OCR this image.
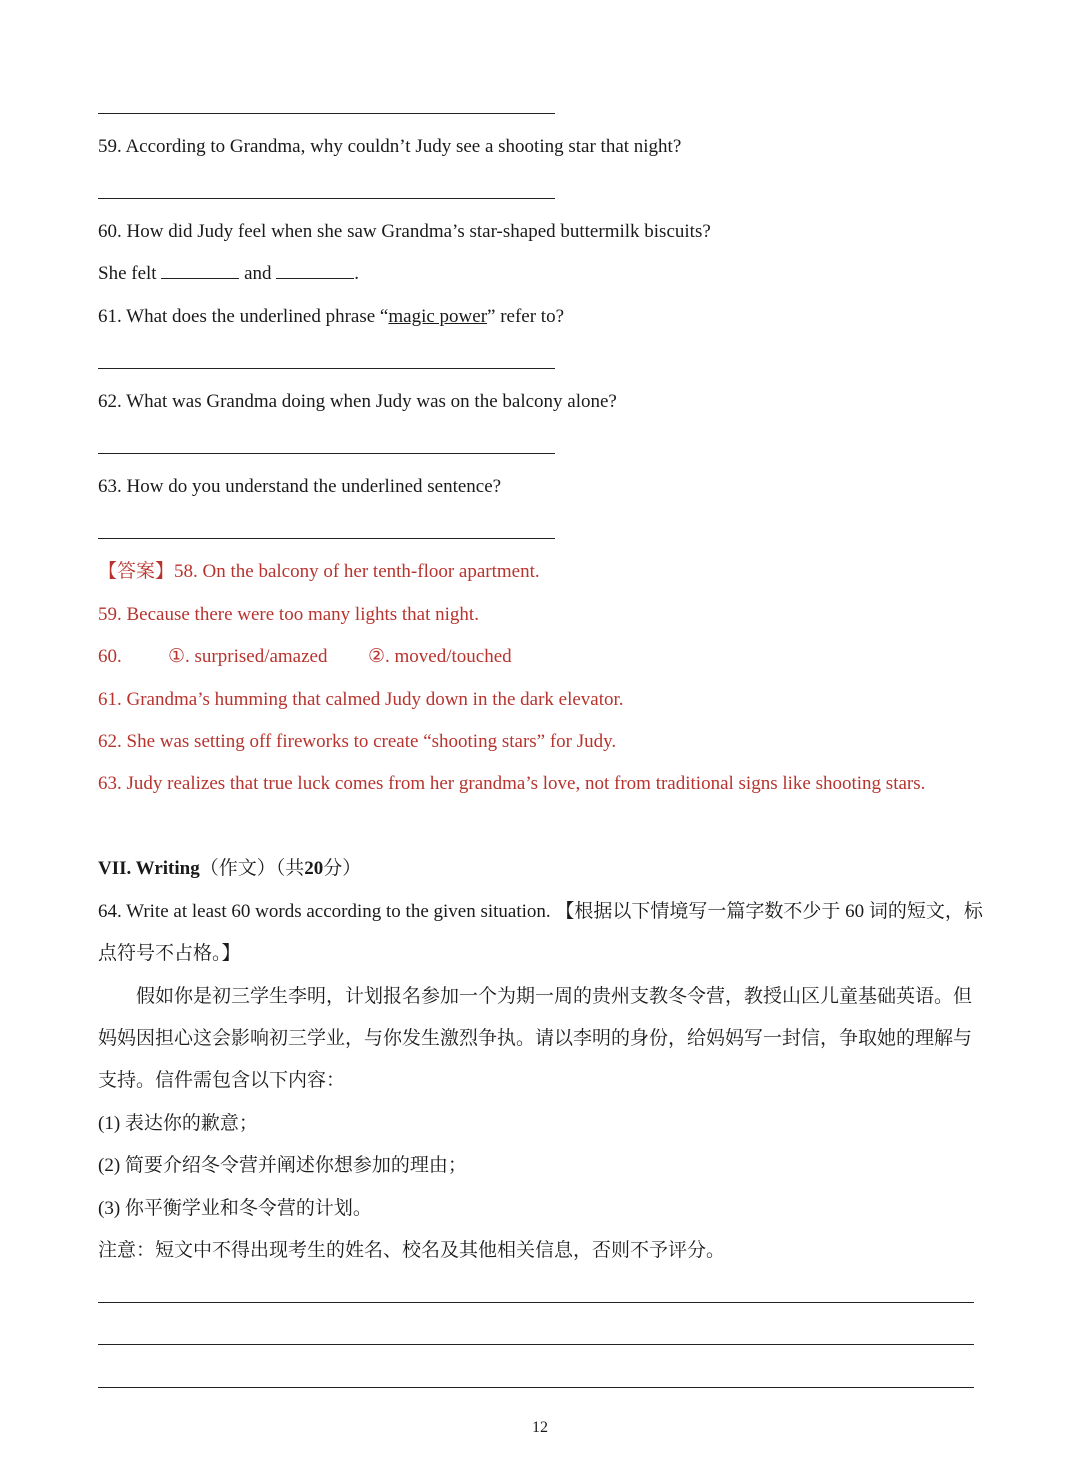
59. According to Grandma, why couldn’t Judy see a shooting star that night?
60. How did Judy feel when she saw Grandma’s star-shaped buttermilk biscuits?
She felt	and	.
61. What does the underlined phrase “magic power” refer to?
62. What was Grandma doing when Judy was on the balcony alone?
63. How do you understand the underlined sentence?
【答案】58. On the balcony of her tenth-floor apartment.
59. Because there were too many lights that night.
60. ①. surprised/amazed ②. moved/touched
61. Grandma’s humming that calmed Judy down in the dark elevator.
62. She was setting off fireworks to create “shooting stars” for Judy.
63. Judy realizes that true luck comes from her grandma’s love, not from traditional signs like shooting stars.
VII. Writing（作文）（共20分）
64. Write at least 60 words according to the given situation. 【根据以下情境写一篇字数不少于 60 词的短文，标
点符号不占格。】
假如你是初三学生李明，计划报名参加一个为期一周的贵州支教冬令营，教授山区儿童基础英语。但
妈妈因担心这会影响初三学业，与你发生激烈争执。请以李明的身份，给妈妈写一封信，争取她的理解与
支持。信件需包含以下内容：
(1) 表达你的歉意；
(2) 简要介绍冬令营并阐述你想参加的理由；
(3) 你平衡学业和冬令营的计划。
注意：短文中不得出现考生的姓名、校名及其他相关信息，否则不予评分。
12
